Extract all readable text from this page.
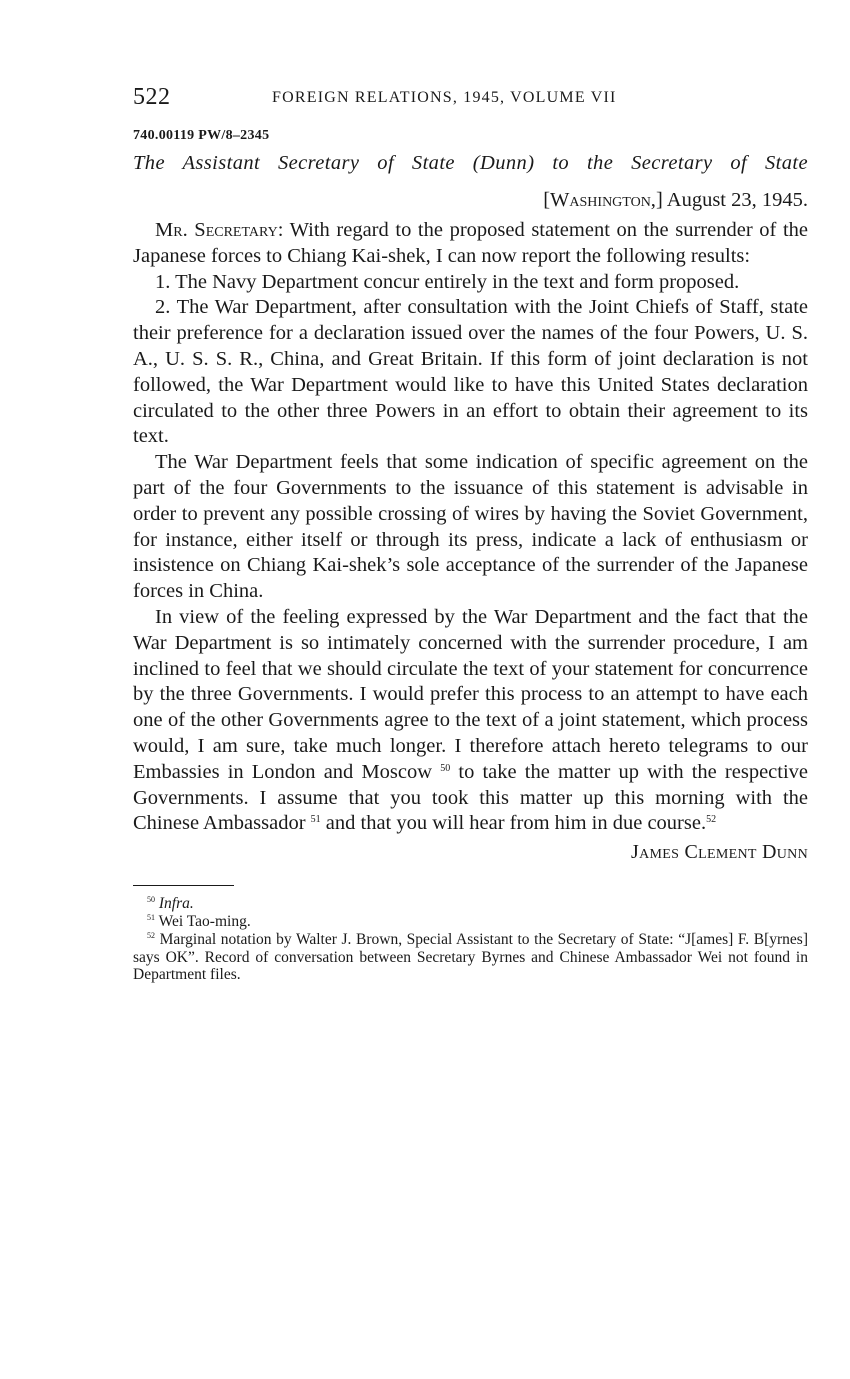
522	FOREIGN RELATIONS, 1945, VOLUME VII
740.00119 PW/8–2345
The Assistant Secretary of State (Dunn) to the Secretary of State
[Washington,] August 23, 1945.

Mr. Secretary: With regard to the proposed statement on the surrender of the Japanese forces to Chiang Kai-shek, I can now report the following results:

1. The Navy Department concur entirely in the text and form proposed.

2. The War Department, after consultation with the Joint Chiefs of Staff, state their preference for a declaration issued over the names of the four Powers, U. S. A., U. S. S. R., China, and Great Britain. If this form of joint declaration is not followed, the War Department would like to have this United States declaration circulated to the other three Powers in an effort to obtain their agreement to its text.

The War Department feels that some indication of specific agreement on the part of the four Governments to the issuance of this statement is advisable in order to prevent any possible crossing of wires by having the Soviet Government, for instance, either itself or through its press, indicate a lack of enthusiasm or insistence on Chiang Kai-shek’s sole acceptance of the surrender of the Japanese forces in China.

In view of the feeling expressed by the War Department and the fact that the War Department is so intimately concerned with the surrender procedure, I am inclined to feel that we should circulate the text of your statement for concurrence by the three Governments. I would prefer this process to an attempt to have each one of the other Governments agree to the text of a joint statement, which process would, I am sure, take much longer. I therefore attach hereto telegrams to our Embassies in London and Moscow $^{50}$ to take the matter up with the respective Governments. I assume that you took this matter up this morning with the Chinese Ambassador $^{51}$ and that you will hear from him in due course.$^{52}$

James Clement Dunn

$^{50}$ Infra.

$^{51}$ Wei Tao-ming.

$^{52}$ Marginal notation by Walter J. Brown, Special Assistant to the Secretary of State: “J[ames] F. B[yrnes] says OK”. Record of conversation between Secretary Byrnes and Chinese Ambassador Wei not found in Department files.
